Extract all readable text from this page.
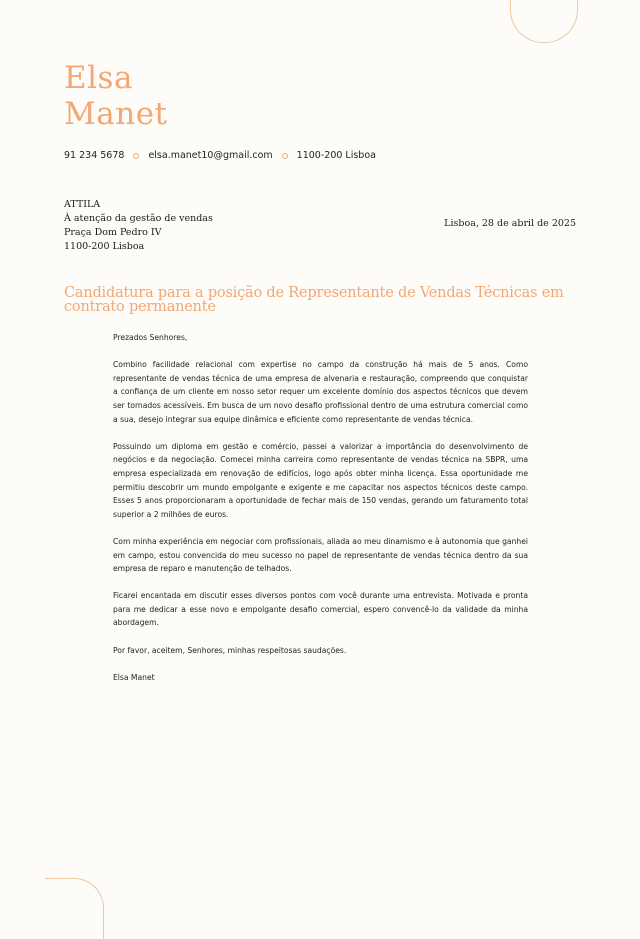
Elsa
Manet
91 234 5678	elsa.manet10@gmail.com	1100-200 Lisboa
ATTILA
À atenção da gestão de vendas
Praça Dom Pedro IV
1100-200 Lisboa
Lisboa, 28 de abril de 2025
Candidatura para a posição de Representante de Vendas Técnicas em contrato permanente

Prezados Senhores,

Combino facilidade relacional com expertise no campo da construção há mais de 5 anos. Como representante de vendas técnica de uma empresa de alvenaria e restauração, compreendo que conquistar a confiança de um cliente em nosso setor requer um excelente domínio dos aspectos técnicos que devem ser tornados acessíveis. Em busca de um novo desafio profissional dentro de uma estrutura comercial como a sua, desejo integrar sua equipe dinâmica e eficiente como representante de vendas técnica.

Possuindo um diploma em gestão e comércio, passei a valorizar a importância do desenvolvimento de negócios e da negociação. Comecei minha carreira como representante de vendas técnica na SBPR, uma empresa especializada em renovação de edifícios, logo após obter minha licença. Essa oportunidade me permitiu descobrir um mundo empolgante e exigente e me capacitar nos aspectos técnicos deste campo. Esses 5 anos proporcionaram a oportunidade de fechar mais de 150 vendas, gerando um faturamento total superior a 2 milhões de euros.

Com minha experiência em negociar com profissionais, aliada ao meu dinamismo e à autonomia que ganhei em campo, estou convencida do meu sucesso no papel de representante de vendas técnica dentro da sua empresa de reparo e manutenção de telhados.

Ficarei encantada em discutir esses diversos pontos com você durante uma entrevista. Motivada e pronta para me dedicar a esse novo e empolgante desafio comercial, espero convencê-lo da validade da minha abordagem.

Por favor, aceitem, Senhores, minhas respeitosas saudações.

Elsa Manet
